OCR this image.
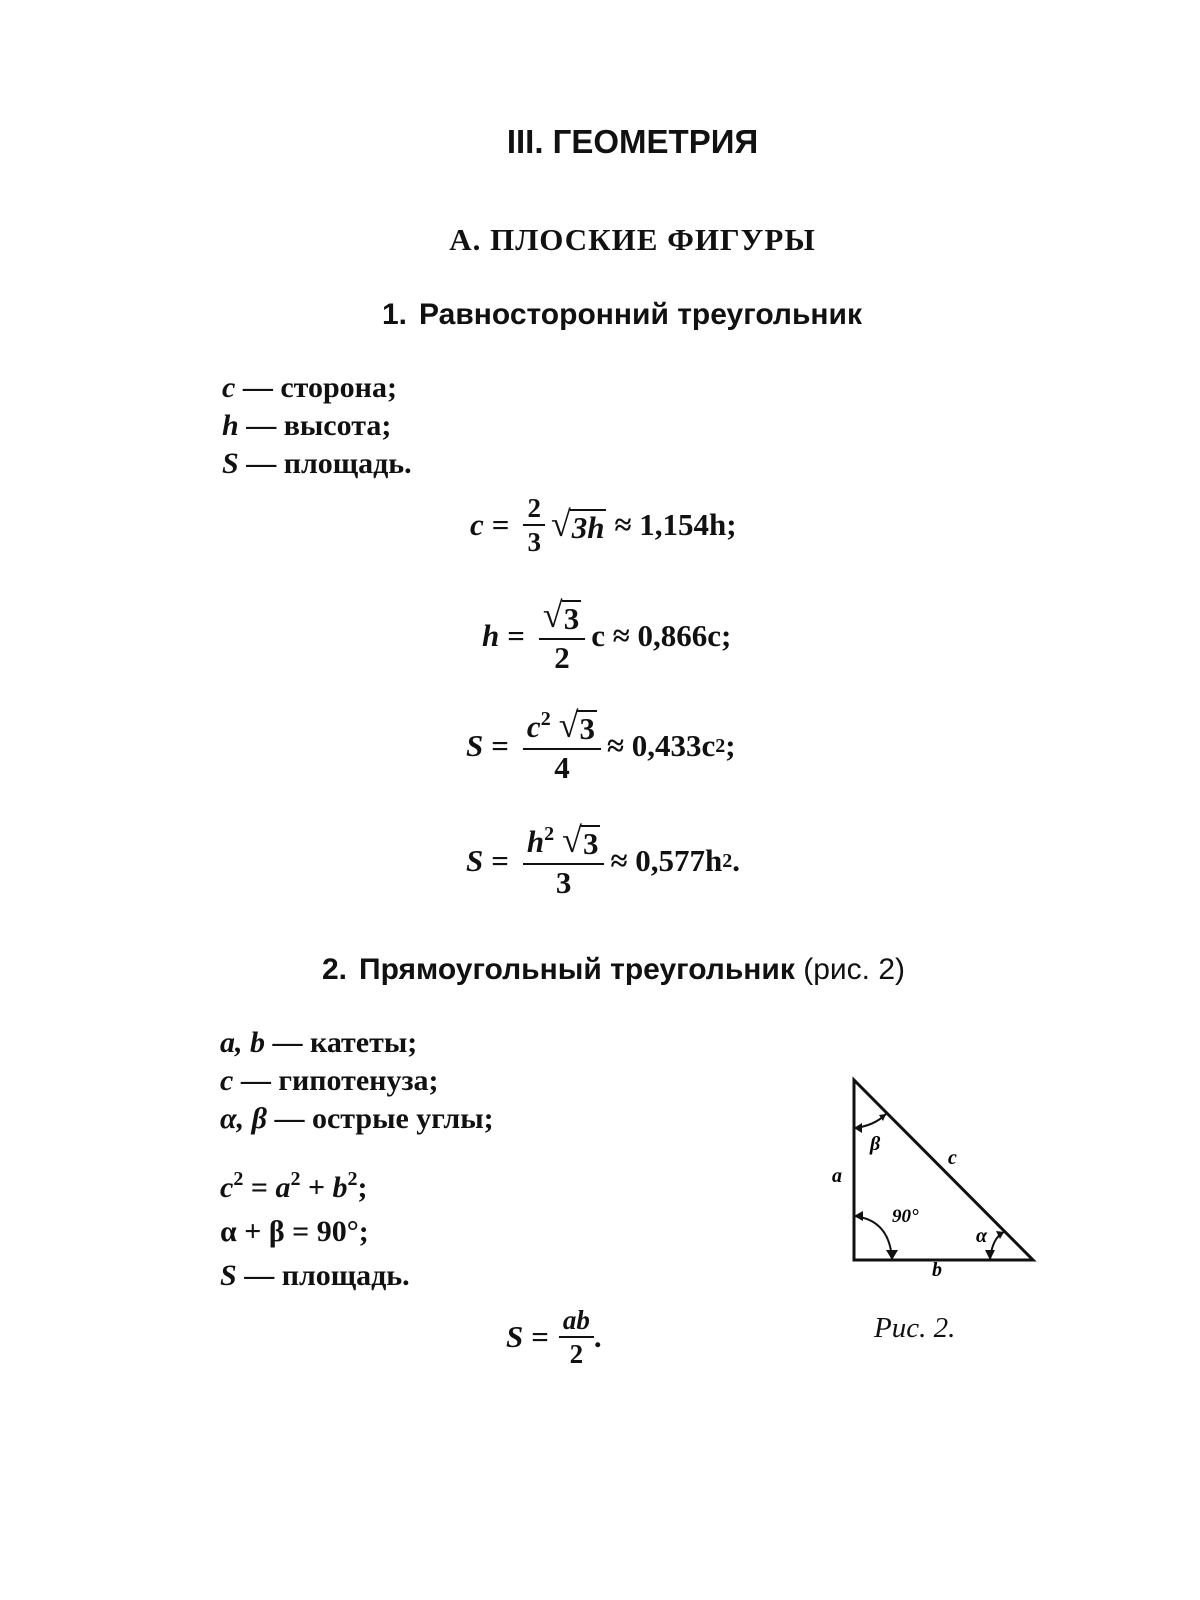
III. ГЕОМЕТРИЯ
А. ПЛОСКИЕ ФИГУРЫ
1. Равносторонний треугольник
c — сторона;
h — высота;
S — площадь.
$c = \frac{2}{3}$ √ 3h ≈ 1,154h;
$h = \frac{√ 3}{2}$ c ≈ 0,866c;
$S = \frac{c^2 √ 3}{4} \approx 0,433c$ 2 ;
$S = \frac{h^2 √ 3}{3} \approx 0,577h$ 2 .
2. Прямоугольный треугольник (рис. 2)
a, b — катеты;
c — гипотенуза;
α, β — острые углы;
$c^2 = a^2 + b^2$;
α + β = 90°;
S — площадь.
$S = \frac{ab}{2}$ .
a
b
c
β
α
90°
Рис. 2.
